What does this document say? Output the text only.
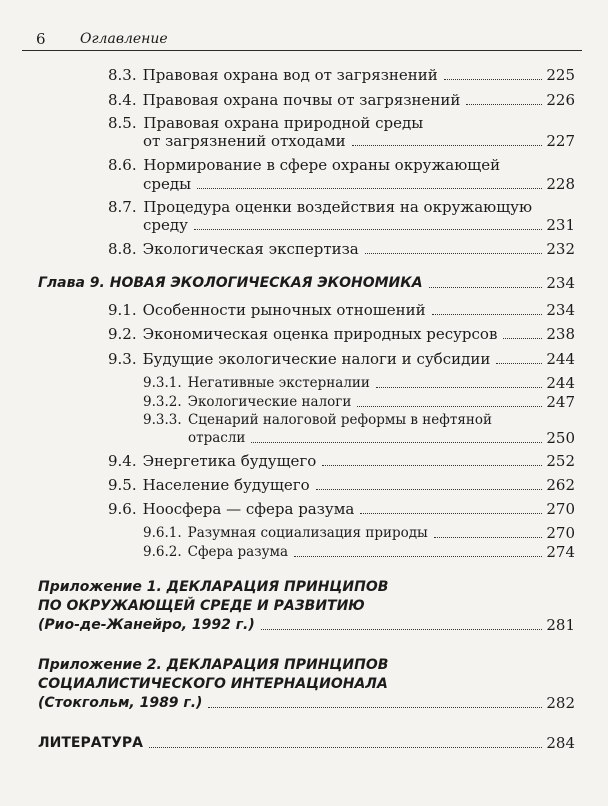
6 Оглавление
8.3. Правовая охрана вод от загрязнений	225
8.4. Правовая охрана почвы от загрязнений	226
8.5. Правовая охрана природной среды
от загрязнений отходами	227
8.6. Нормирование в сфере охраны окружающей
среды	228
8.7. Процедура оценки воздействия на окружающую
среду	231
8.8. Экологическая экспертиза	232
Глава 9. НОВАЯ ЭКОЛОГИЧЕСКАЯ ЭКОНОМИКА	234
9.1. Особенности рыночных отношений	234
9.2. Экономическая оценка природных ресурсов	238
9.3. Будущие экологические налоги и субсидии	244
9.3.1. Негативные экстерналии	244
9.3.2. Экологические налоги	247
9.3.3. Сценарий налоговой реформы в нефтяной
отрасли	250
9.4. Энергетика будущего	252
9.5. Население будущего	262
9.6. Ноосфера — сфера разума	270
9.6.1. Разумная социализация природы	270
9.6.2. Сфера разума	274
Приложение 1. ДЕКЛАРАЦИЯ ПРИНЦИПОВ
ПО ОКРУЖАЮЩЕЙ СРЕДЕ И РАЗВИТИЮ
(Рио-де-Жанейро, 1992 г.)	281
Приложение 2. ДЕКЛАРАЦИЯ ПРИНЦИПОВ
СОЦИАЛИСТИЧЕСКОГО ИНТЕРНАЦИОНАЛА
(Стокгольм, 1989 г.)	282
ЛИТЕРАТУРА	284
